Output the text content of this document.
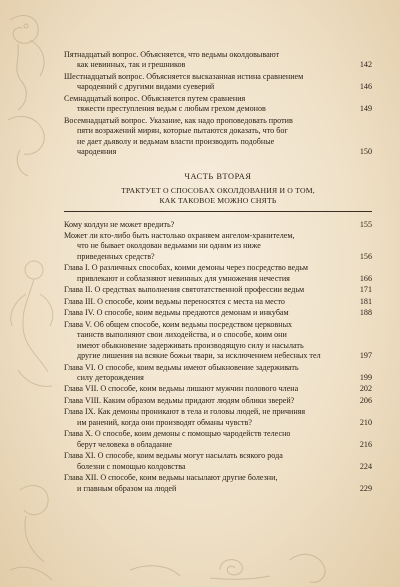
Пятнадцатый вопрос. Объясняется, что ведьмы околдовывают
как невинных, так и грешников	142
Шестнадцатый вопрос. Объясняется высказанная истина сравнением
чародеяний с другими видами суеверий	146
Семнадцатый вопрос. Объясняется путем сравнения
тяжести преступления ведьм с любым грехом демонов	149
Восемнадцатый вопрос. Указание, как надо проповедовать против
пяти возражений мирян, которые пытаются доказать, что бог
не дает дьяволу и ведьмам власти производить подобные
чародеяния	150
ЧАСТЬ ВТОРАЯ
ТРАКТУЕТ О СПОСОБАХ ОКОЛДОВАНИЯ И О ТОМ,
КАК ТАКОВОЕ МОЖНО СНЯТЬ
Кому колдун не может вредить?	155
Может ли кто-либо быть настолько охраняем ангелом-хранителем,
что не бывает околдован ведьмами ни одним из ниже
приведенных средств?	156
Глава I. О различных способах, коими демоны через посредство ведьм
привлекают и соблазняют невинных для умножения нечестия	166
Глава II. О средствах выполнения святотатственной профессии ведьм	171
Глава III. О способе, коим ведьмы переносятся с места на место	181
Глава IV. О способе, коим ведьмы предаются демонам и инкубам	188
Глава V. Об общем способе, коим ведьмы посредством церковных
таинств выполняют свои лиходейства, и о способе, коим они
имеют обыкновение задерживать производящую силу и насылать
другие лишения на всякие божьи твари, за исключением небесных тел	197
Глава VI. О способе, коим ведьмы имеют обыкновение задерживать
силу деторождения	199
Глава VII. О способе, коим ведьмы лишают мужчин полового члена	202
Глава VIII. Каким образом ведьмы придают людям облики зверей?	206
Глава IX. Как демоны проникают в тела и головы людей, не причиняя
им ранений, когда они производят обманы чувств?	210
Глава X. О способе, коим демоны с помощью чародейств телесно
берут человека в обладание	216
Глава XI. О способе, коим ведьмы могут насылать всякого рода
болезни с помощью колдовства	224
Глава XII. О способе, коим ведьмы насылают другие болезни,
и главным образом на людей	229
